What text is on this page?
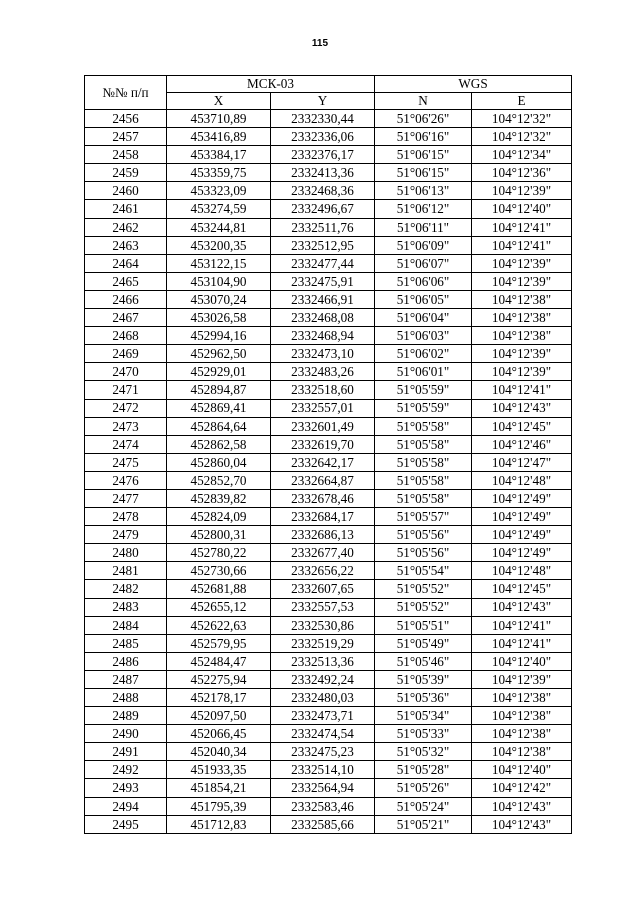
115
№№ п/п	МСК-03		WGS	
	X	Y	N	E
2456	453710,89	2332330,44	51°06'26"	104°12'32"
2457	453416,89	2332336,06	51°06'16"	104°12'32"
2458	453384,17	2332376,17	51°06'15"	104°12'34"
2459	453359,75	2332413,36	51°06'15"	104°12'36"
2460	453323,09	2332468,36	51°06'13"	104°12'39"
2461	453274,59	2332496,67	51°06'12"	104°12'40"
2462	453244,81	2332511,76	51°06'11"	104°12'41"
2463	453200,35	2332512,95	51°06'09"	104°12'41"
2464	453122,15	2332477,44	51°06'07"	104°12'39"
2465	453104,90	2332475,91	51°06'06"	104°12'39"
2466	453070,24	2332466,91	51°06'05"	104°12'38"
2467	453026,58	2332468,08	51°06'04"	104°12'38"
2468	452994,16	2332468,94	51°06'03"	104°12'38"
2469	452962,50	2332473,10	51°06'02"	104°12'39"
2470	452929,01	2332483,26	51°06'01"	104°12'39"
2471	452894,87	2332518,60	51°05'59"	104°12'41"
2472	452869,41	2332557,01	51°05'59"	104°12'43"
2473	452864,64	2332601,49	51°05'58"	104°12'45"
2474	452862,58	2332619,70	51°05'58"	104°12'46"
2475	452860,04	2332642,17	51°05'58"	104°12'47"
2476	452852,70	2332664,87	51°05'58"	104°12'48"
2477	452839,82	2332678,46	51°05'58"	104°12'49"
2478	452824,09	2332684,17	51°05'57"	104°12'49"
2479	452800,31	2332686,13	51°05'56"	104°12'49"
2480	452780,22	2332677,40	51°05'56"	104°12'49"
2481	452730,66	2332656,22	51°05'54"	104°12'48"
2482	452681,88	2332607,65	51°05'52"	104°12'45"
2483	452655,12	2332557,53	51°05'52"	104°12'43"
2484	452622,63	2332530,86	51°05'51"	104°12'41"
2485	452579,95	2332519,29	51°05'49"	104°12'41"
2486	452484,47	2332513,36	51°05'46"	104°12'40"
2487	452275,94	2332492,24	51°05'39"	104°12'39"
2488	452178,17	2332480,03	51°05'36"	104°12'38"
2489	452097,50	2332473,71	51°05'34"	104°12'38"
2490	452066,45	2332474,54	51°05'33"	104°12'38"
2491	452040,34	2332475,23	51°05'32"	104°12'38"
2492	451933,35	2332514,10	51°05'28"	104°12'40"
2493	451854,21	2332564,94	51°05'26"	104°12'42"
2494	451795,39	2332583,46	51°05'24"	104°12'43"
2495	451712,83	2332585,66	51°05'21"	104°12'43"
